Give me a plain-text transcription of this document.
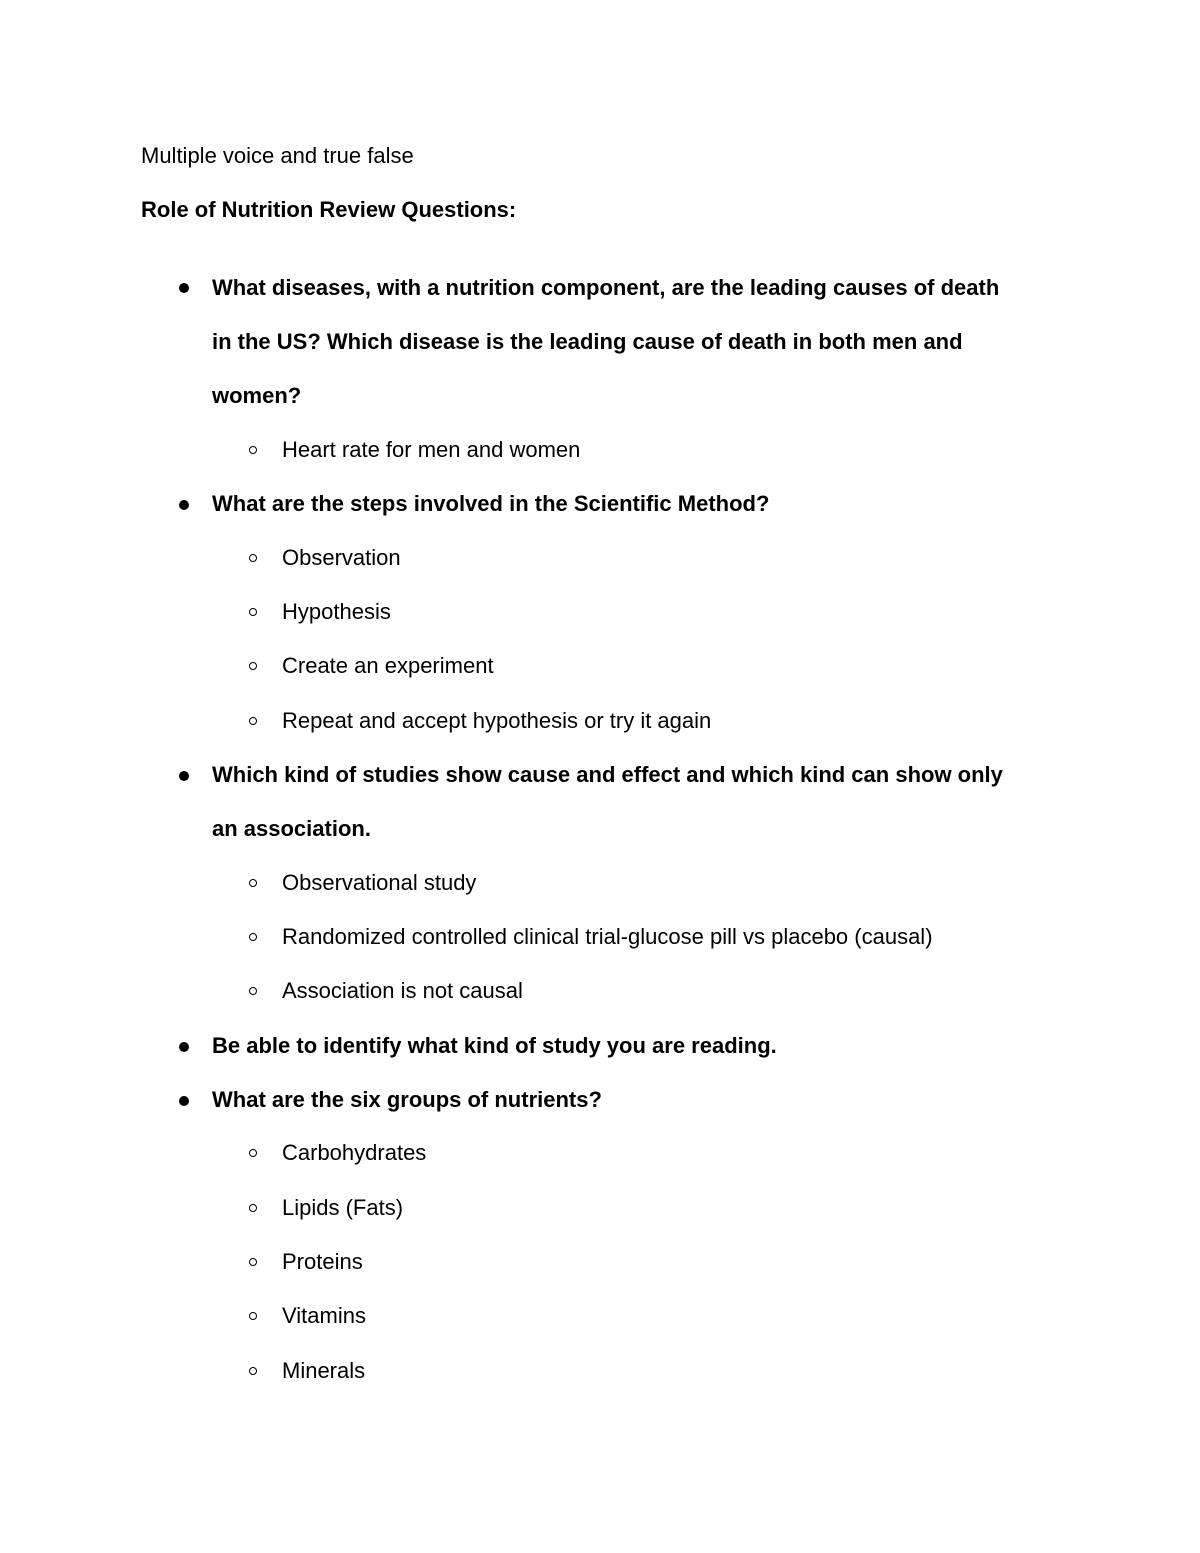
Multiple voice and true false
Role of Nutrition Review Questions:
What diseases, with a nutrition component, are the leading causes of death
in the US? Which disease is the leading cause of death in both men and
women?
Heart rate for men and women
What are the steps involved in the Scientific Method?
Observation
Hypothesis
Create an experiment
Repeat and accept hypothesis or try it again
Which kind of studies show cause and effect and which kind can show only
an association.
Observational study
Randomized controlled clinical trial-glucose pill vs placebo (causal)
Association is not causal
Be able to identify what kind of study you are reading.
What are the six groups of nutrients?
Carbohydrates
Lipids (Fats)
Proteins
Vitamins
Minerals
